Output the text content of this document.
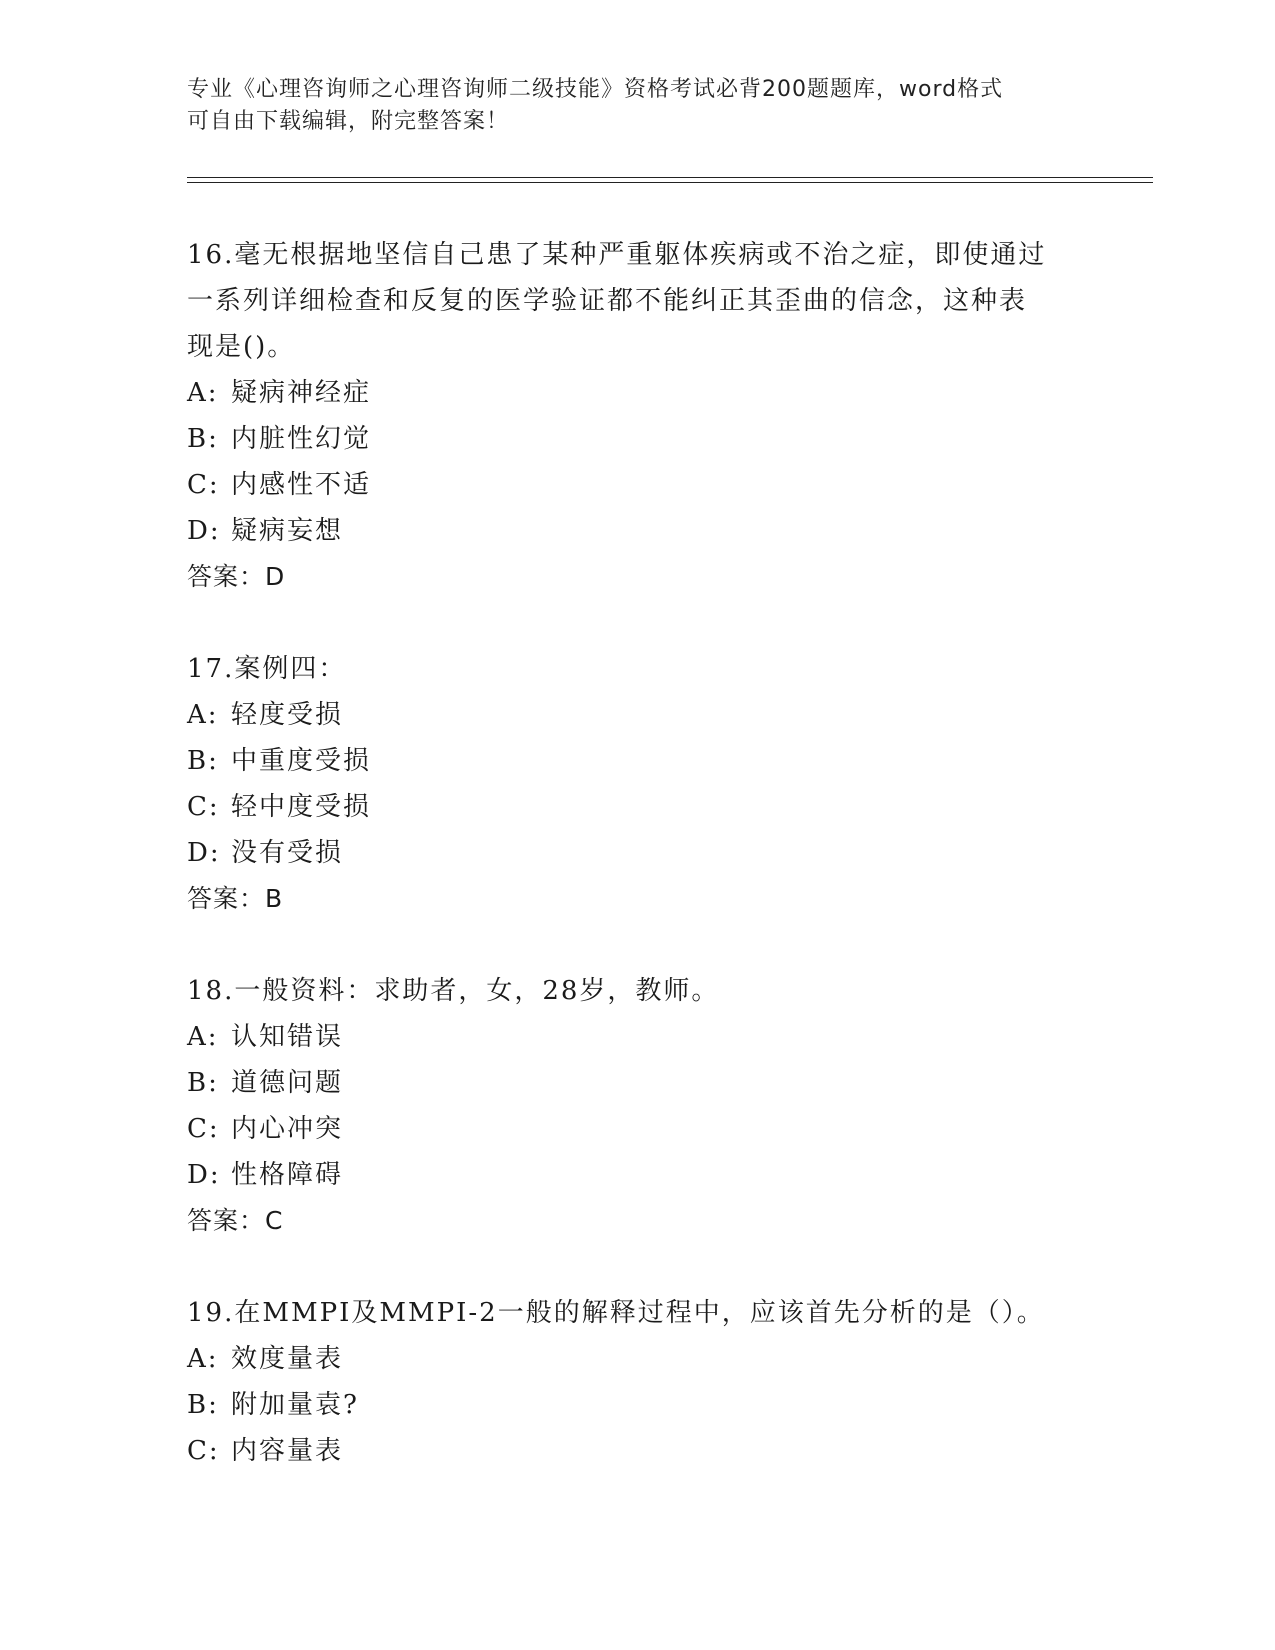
专业《心理咨询师之心理咨询师二级技能》资格考试必背200题题库，word格式
可自由下载编辑，附完整答案！

16.毫无根据地坚信自己患了某种严重躯体疾病或不治之症，即使通过

一系列详细检查和反复的医学验证都不能纠正其歪曲的信念，这种表

现是()。

A: 疑病神经症

B: 内脏性幻觉

C: 内感性不适

D: 疑病妄想

答案：D

17.案例四：

A: 轻度受损

B: 中重度受损

C: 轻中度受损

D: 没有受损

答案：B

18.一般资料：求助者，女，28岁，教师。

A: 认知错误

B: 道德问题

C: 内心冲突

D: 性格障碍

答案：C

19.在MMPI及MMPI-2一般的解释过程中，应该首先分析的是（）。

A: 效度量表

B: 附加量袁?

C: 内容量表
